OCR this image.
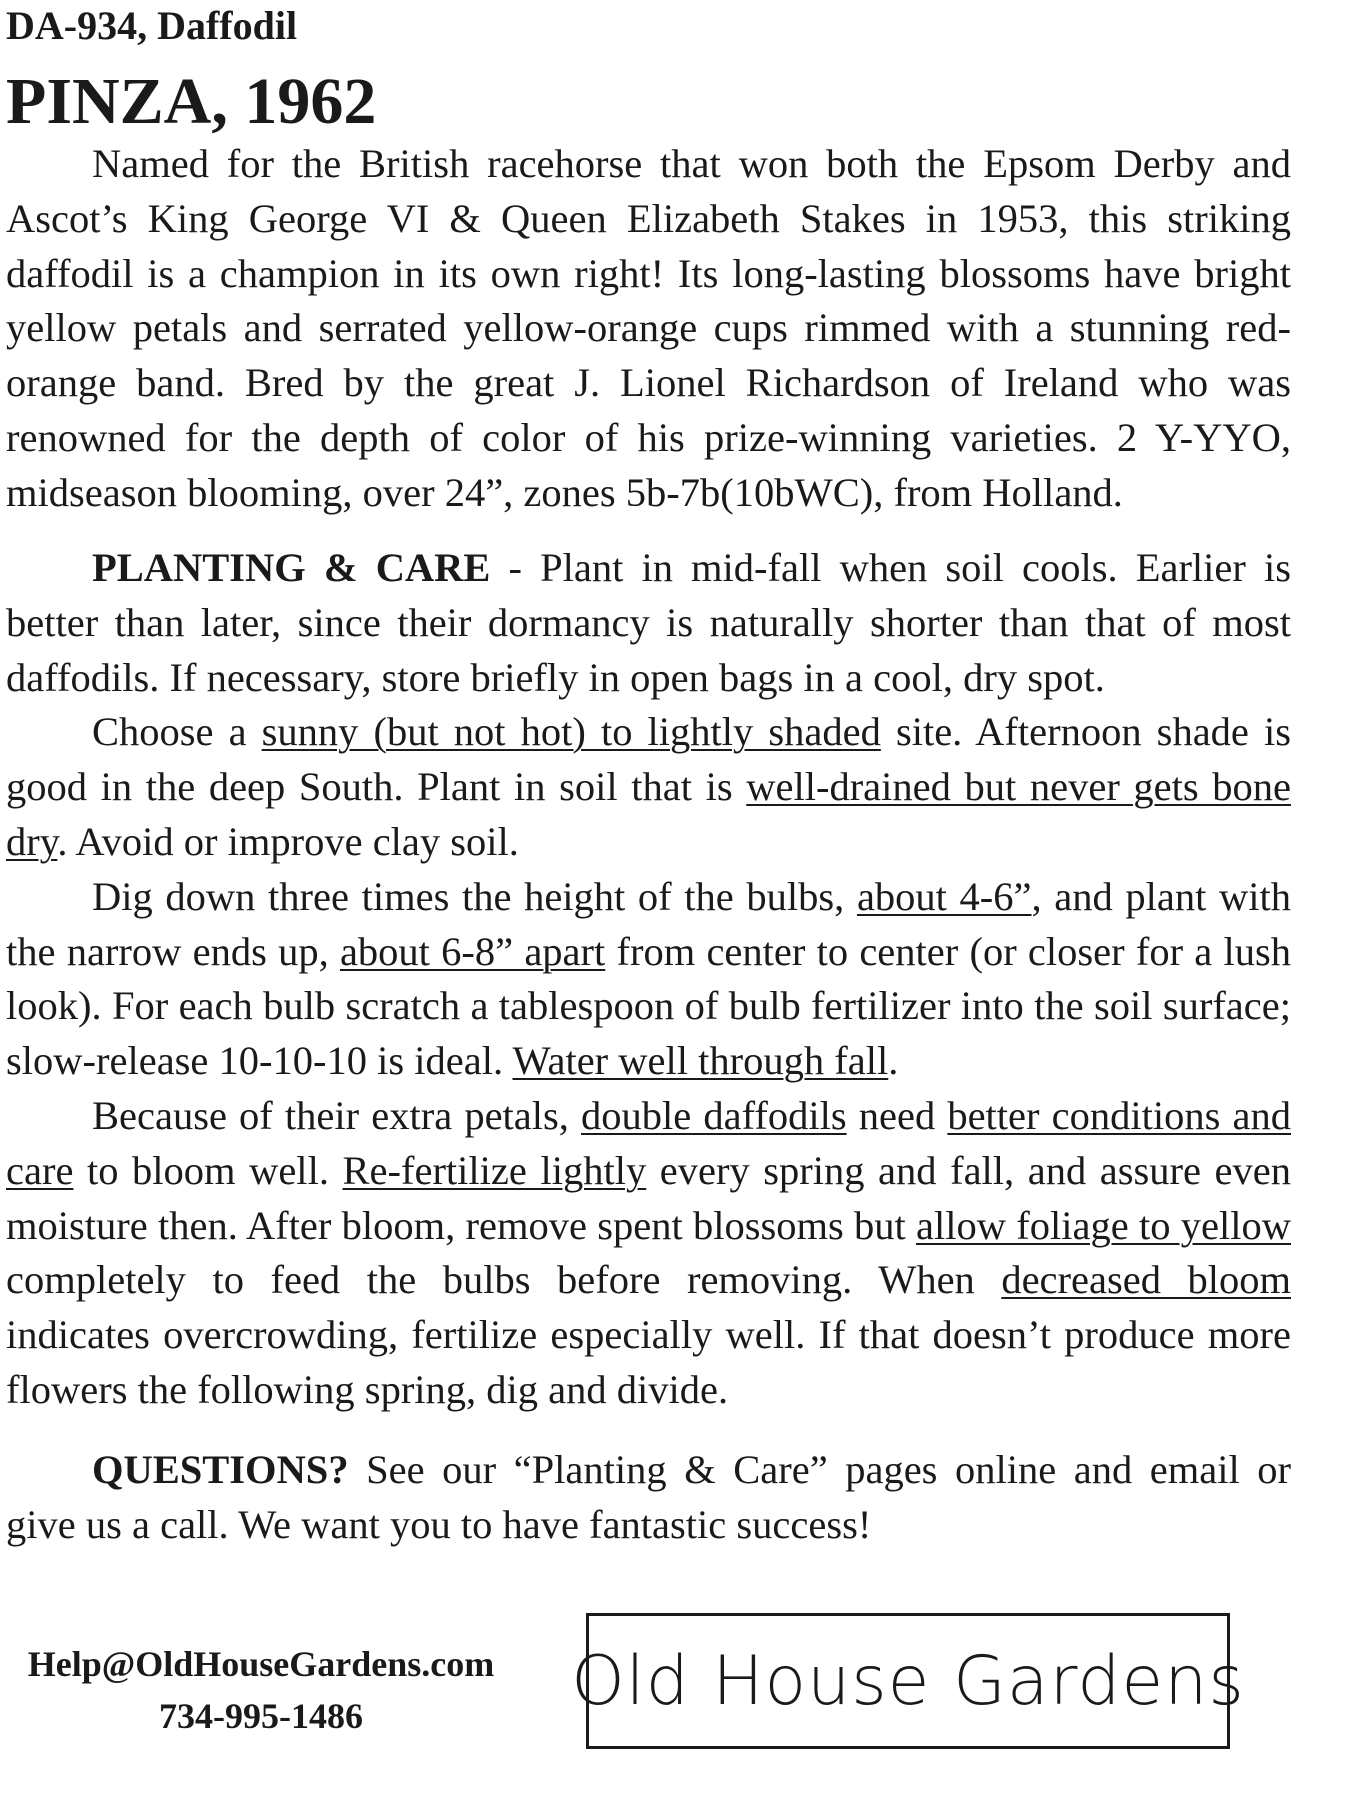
DA-934, Daffodil
PINZA, 1962

Named for the British racehorse that won both the Epsom Derby and Ascot’s King George VI & Queen Elizabeth Stakes in 1953, this striking daffodil is a champion in its own right! Its long-lasting blossoms have bright yellow petals and serrated yellow-orange cups rimmed with a stunning red-orange band. Bred by the great J. Lionel Richardson of Ireland who was renowned for the depth of color of his prize-winning varieties. 2 Y-YYO, midseason blooming, over 24”, zones 5b-7b(10bWC), from Holland.

PLANTING & CARE - Plant in mid-fall when soil cools. Earlier is better than later, since their dormancy is naturally shorter than that of most daffodils. If necessary, store briefly in open bags in a cool, dry spot.

Choose a sunny (but not hot) to lightly shaded site. Afternoon shade is good in the deep South. Plant in soil that is well-drained but never gets bone dry. Avoid or improve clay soil.

Dig down three times the height of the bulbs, about 4-6”, and plant with the narrow ends up, about 6-8” apart from center to center (or closer for a lush look). For each bulb scratch a tablespoon of bulb fertilizer into the soil surface; slow-release 10-10-10 is ideal. Water well through fall.

Because of their extra petals, double daffodils need better conditions and care to bloom well. Re-fertilize lightly every spring and fall, and assure even moisture then. After bloom, remove spent blossoms but allow foliage to yellow completely to feed the bulbs before removing. When decreased bloom indicates overcrowding, fertilize especially well. If that doesn’t produce more flowers the following spring, dig and divide.

QUESTIONS? See our “Planting & Care” pages online and email or give us a call. We want you to have fantastic success!

Help@OldHouseGardens.com
734-995-1486	Old House Gardens
